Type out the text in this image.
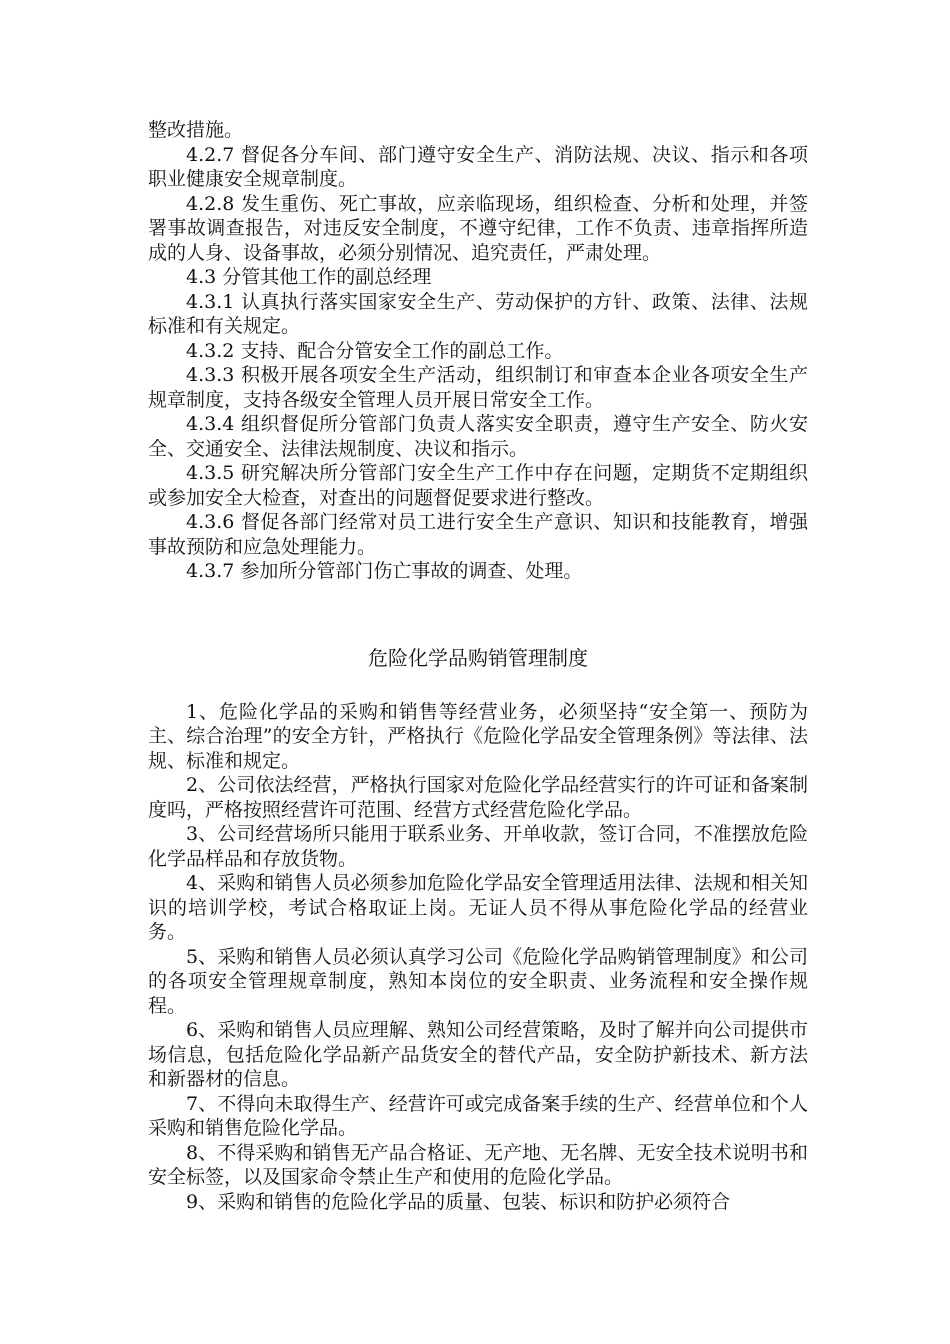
整改措施。

4.2.7 督促各分车间、部门遵守安全生产、消防法规、决议、指示和各项职业健康安全规章制度。

4.2.8 发生重伤、死亡事故，应亲临现场，组织检查、分析和处理，并签署事故调查报告，对违反安全制度，不遵守纪律，工作不负责、违章指挥所造成的人身、设备事故，必须分别情况、追究责任，严肃处理。

4.3 分管其他工作的副总经理

4.3.1 认真执行落实国家安全生产、劳动保护的方针、政策、法律、法规标准和有关规定。

4.3.2 支持、配合分管安全工作的副总工作。

4.3.3 积极开展各项安全生产活动，组织制订和审查本企业各项安全生产规章制度，支持各级安全管理人员开展日常安全工作。

4.3.4 组织督促所分管部门负责人落实安全职责，遵守生产安全、防火安全、交通安全、法律法规制度、决议和指示。

4.3.5 研究解决所分管部门安全生产工作中存在问题，定期货不定期组织或参加安全大检查，对查出的问题督促要求进行整改。

4.3.6 督促各部门经常对员工进行安全生产意识、知识和技能教育，增强事故预防和应急处理能力。

4.3.7 参加所分管部门伤亡事故的调查、处理。

危险化学品购销管理制度

1、危险化学品的采购和销售等经营业务，必须坚持“安全第一、预防为主、综合治理”的安全方针，严格执行《危险化学品安全管理条例》等法律、法规、标准和规定。

2、公司依法经营，严格执行国家对危险化学品经营实行的许可证和备案制度吗，严格按照经营许可范围、经营方式经营危险化学品。

3、公司经营场所只能用于联系业务、开单收款，签订合同，不准摆放危险化学品样品和存放货物。

4、采购和销售人员必须参加危险化学品安全管理适用法律、法规和相关知识的培训学校，考试合格取证上岗。无证人员不得从事危险化学品的经营业务。

5、采购和销售人员必须认真学习公司《危险化学品购销管理制度》和公司的各项安全管理规章制度，熟知本岗位的安全职责、业务流程和安全操作规程。

6、采购和销售人员应理解、熟知公司经营策略，及时了解并向公司提供市场信息，包括危险化学品新产品货安全的替代产品，安全防护新技术、新方法和新器材的信息。

7、不得向未取得生产、经营许可或完成备案手续的生产、经营单位和个人采购和销售危险化学品。

8、不得采购和销售无产品合格证、无产地、无名牌、无安全技术说明书和安全标签，以及国家命令禁止生产和使用的危险化学品。

9、采购和销售的危险化学品的质量、包装、标识和防护必须符合
